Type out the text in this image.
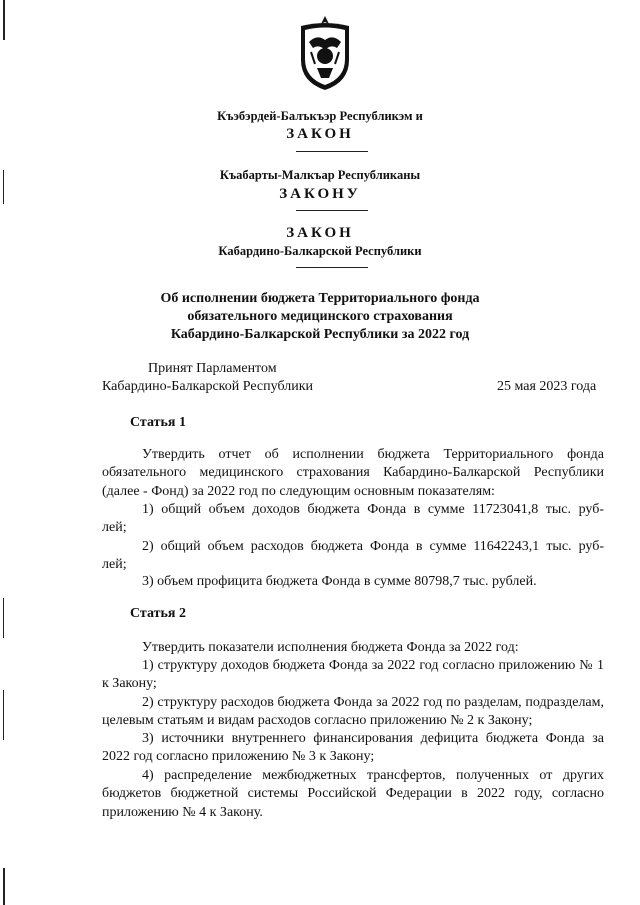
Къэбэрдей-Балъкъэр Республикэм и
ЗАКОН
Къабарты-Малкъар Республиканы
ЗАКОНУ
ЗАКОН
Кабардино-Балкарской Республики
Об исполнении бюджета Территориального фонда
обязательного медицинского страхования
Кабардино-Балкарской Республики за 2022 год
Принят Парламентом
Кабардино-Балкарской Республики	25 мая 2023 года
Статья 1

Утвердить отчет об исполнении бюджета Территориального фонда обязательного медицинского страхования Кабардино-Балкарской Республики (далее - Фонд) за 2022 год по следующим основным показателям:

1) общий объем доходов бюджета Фонда в сумме 11723041,8 тыс. руб-
лей;
2) общий объем расходов бюджета Фонда в сумме 11642243,1 тыс. руб-
лей;

3) объем профицита бюджета Фонда в сумме 80798,7 тыс. рублей.

Статья 2

Утвердить показатели исполнения бюджета Фонда за 2022 год:

1) структуру доходов бюджета Фонда за 2022 год согласно приложению № 1 к Закону;

2) структуру расходов бюджета Фонда за 2022 год по разделам, подразделам, целевым статьям и видам расходов согласно приложению № 2 к Закону;

3) источники внутреннего финансирования дефицита бюджета Фонда за 2022 год согласно приложению № 3 к Закону;

4) распределение межбюджетных трансфертов, полученных от других бюджетов бюджетной системы Российской Федерации в 2022 году, согласно приложению № 4 к Закону.
